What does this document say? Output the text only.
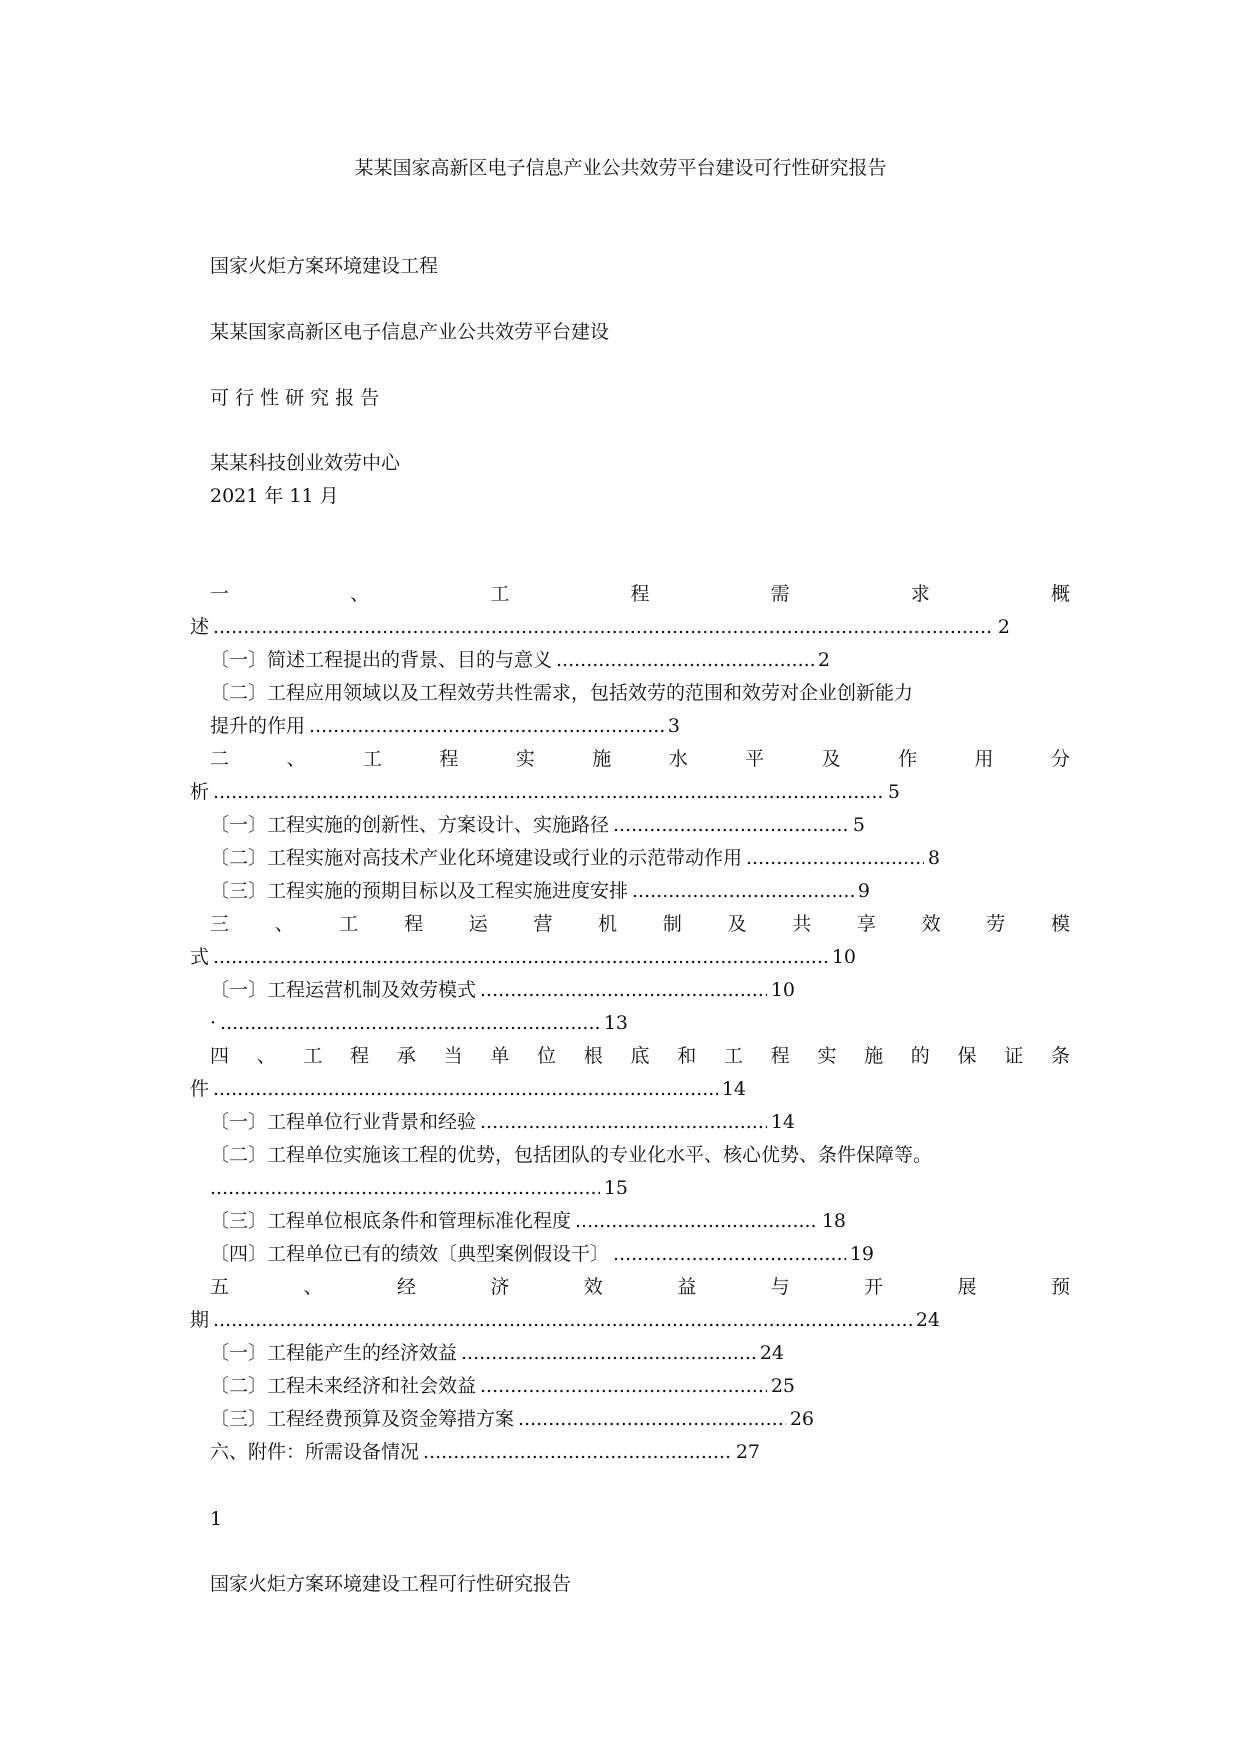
某某国家高新区电子信息产业公共效劳平台建设可行性研究报告
国家火炬方案环境建设工程
某某国家高新区电子信息产业公共效劳平台建设
可 行 性 研 究 报 告
某某科技创业效劳中心
2021 年 11 月
一	、	工	程	需	求	概
述 .....	2
〔一〕简述工程提出的背景、目的与意义 .....	2
〔二〕工程应用领域以及工程效劳共性需求，包括效劳的范围和效劳对企业创新能力
提升的作用 .....	3
二	、	工	程	实	施	水	平	及	作	用	分
析 .....	5
〔一〕工程实施的创新性、方案设计、实施路径 .....	5
〔二〕工程实施对高技术产业化环境建设或行业的示范带动作用 .....	8
〔三〕工程实施的预期目标以及工程实施进度安排 .....	9
三 、 工 程 运 营 机 制 及 共 享 效 劳 模
式 .....	10
〔一〕工程运营机制及效劳模式 .....	10
· .....	13
四 、 工 程 承 当 单 位 根 底 和 工 程 实 施 的 保 证 条
件 .....	14
〔一〕工程单位行业背景和经验 .....	14
〔二〕工程单位实施该工程的优势，包括团队的专业化水平、核心优势、条件保障等。
.....
15
〔三〕工程单位根底条件和管理标准化程度 .....	18
〔四〕工程单位已有的绩效〔典型案例假设干〕 .....	19
五	、	经	济	效	益	与	开	展	预
期 .....	24
〔一〕工程能产生的经济效益 .....	24
〔二〕工程未来经济和社会效益 .....	25
〔三〕工程经费预算及资金筹措方案 .....	26
六、附件：所需设备情况 .....	27
1
国家火炬方案环境建设工程可行性研究报告
